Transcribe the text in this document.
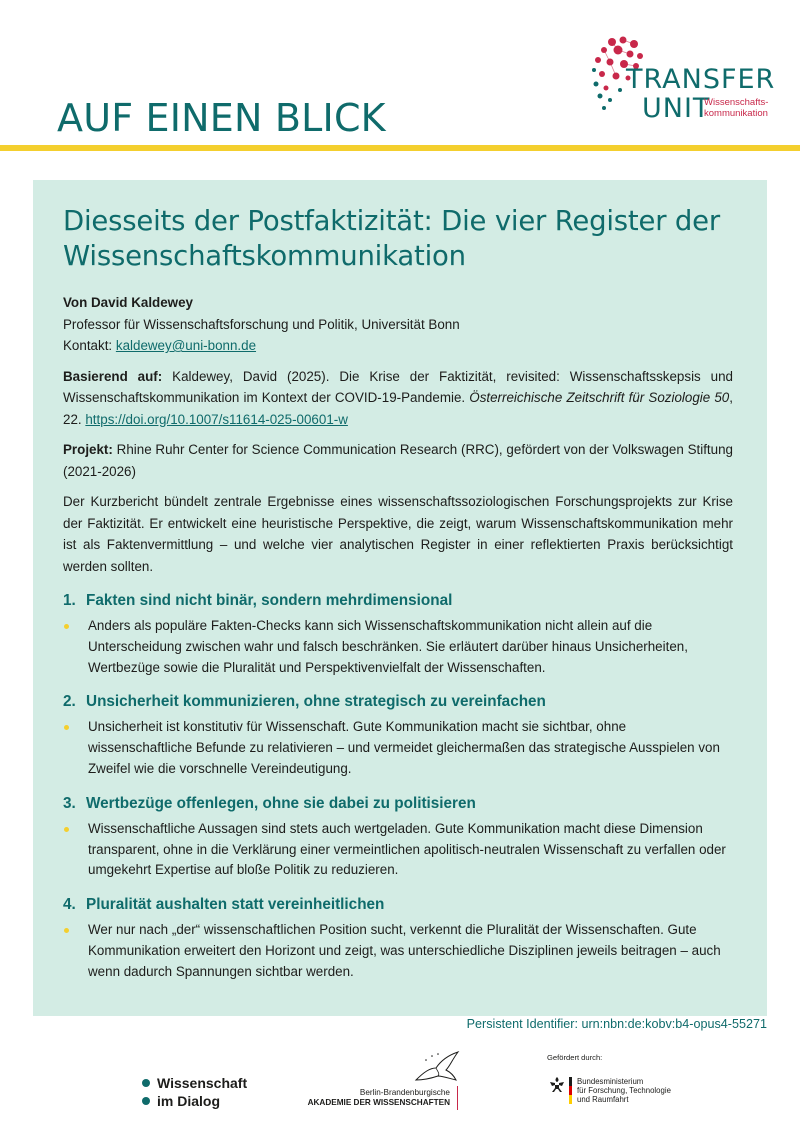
AUF EINEN BLICK
TRANSFER
UNIT
Wissenschafts-
kommunikation
Diesseits der Postfaktizität: Die vier Register der Wissenschaftskommunikation

Von David Kaldewey

Professor für Wissenschaftsforschung und Politik, Universität Bonn

Kontakt: kaldewey@uni-bonn.de

Basierend auf: Kaldewey, David (2025). Die Krise der Faktizität, revisited: Wissenschaftsskepsis und Wissenschaftskommunikation im Kontext der COVID-19-Pandemie. Österreichische Zeitschrift für Soziologie 50, 22. https://doi.org/10.1007/s11614-025-00601-w

Projekt: Rhine Ruhr Center for Science Communication Research (RRC), gefördert von der Volkswagen Stiftung (2021-2026)

Der Kurzbericht bündelt zentrale Ergebnisse eines wissenschaftssoziologischen Forschungsprojekts zur Krise der Faktizität. Er entwickelt eine heuristische Perspektive, die zeigt, warum Wissenschaftskommunikation mehr ist als Faktenvermittlung – und welche vier analytischen Register in einer reflektierten Praxis berücksichtigt werden sollten.

1. Fakten sind nicht binär, sondern mehrdimensional
Anders als populäre Fakten-Checks kann sich Wissenschaftskommunikation nicht allein auf die Unterscheidung zwischen wahr und falsch beschränken. Sie erläutert darüber hinaus Unsicherheiten, Wertbezüge sowie die Pluralität und Perspektivenvielfalt der Wissenschaften.
2. Unsicherheit kommunizieren, ohne strategisch zu vereinfachen
Unsicherheit ist konstitutiv für Wissenschaft. Gute Kommunikation macht sie sichtbar, ohne wissenschaftliche Befunde zu relativieren – und vermeidet gleichermaßen das strategische Ausspielen von Zweifel wie die vorschnelle Vereindeutigung.
3. Wertbezüge offenlegen, ohne sie dabei zu politisieren
Wissenschaftliche Aussagen sind stets auch wertgeladen. Gute Kommunikation macht diese Dimension transparent, ohne in die Verklärung einer vermeintlichen apolitisch-neutralen Wissenschaft zu verfallen oder umgekehrt Expertise auf bloße Politik zu reduzieren.
4. Pluralität aushalten statt vereinheitlichen
Wer nur nach „der“ wissenschaftlichen Position sucht, verkennt die Pluralität der Wissenschaften. Gute Kommunikation erweitert den Horizont und zeigt, was unterschiedliche Disziplinen jeweils beitragen – auch wenn dadurch Spannungen sichtbar werden.
Persistent Identifier: urn:nbn:de:kobv:b4-opus4-55271
Wissenschaft
im Dialog
Berlin-Brandenburgische
AKADEMIE DER WISSENSCHAFTEN
Gefördert durch:
Bundesministerium
für Forschung, Technologie
und Raumfahrt
